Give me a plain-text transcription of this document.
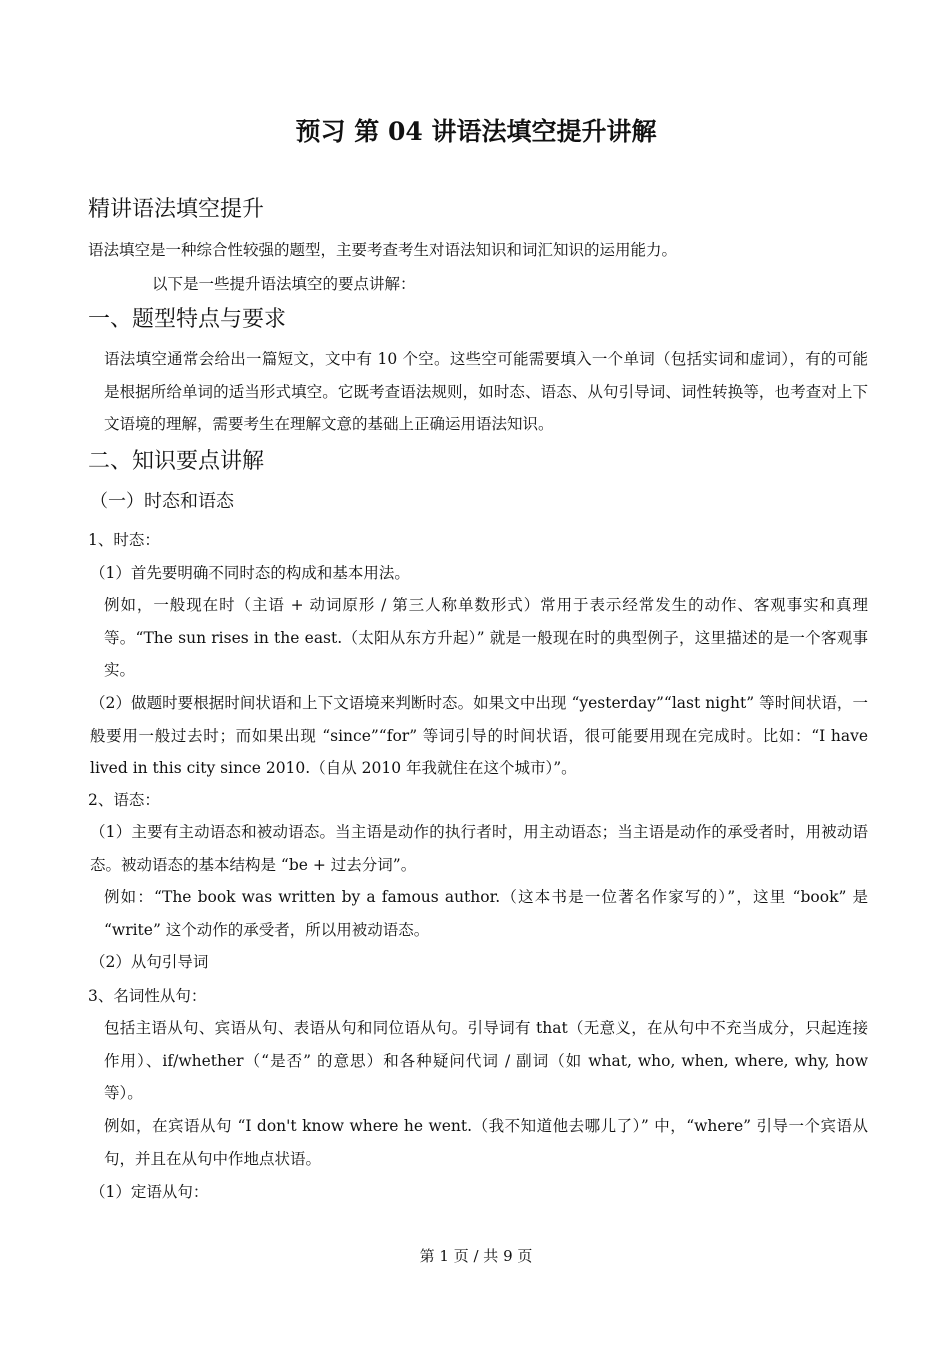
预习 第 04 讲语法填空提升讲解
精讲语法填空提升
语法填空是一种综合性较强的题型，主要考查考生对语法知识和词汇知识的运用能力。
以下是一些提升语法填空的要点讲解：
一、题型特点与要求
语法填空通常会给出一篇短文，文中有 10 个空。这些空可能需要填入一个单词（包括实词和虚词），有的可能是根据所给单词的适当形式填空。它既考查语法规则，如时态、语态、从句引导词、词性转换等，也考查对上下文语境的理解，需要考生在理解文意的基础上正确运用语法知识。
二、知识要点讲解
（一）时态和语态
1、时态：
（1）首先要明确不同时态的构成和基本用法。
例如，一般现在时（主语 + 动词原形 / 第三人称单数形式）常用于表示经常发生的动作、客观事实和真理等。“The sun rises in the east.（太阳从东方升起）” 就是一般现在时的典型例子，这里描述的是一个客观事实。
（2）做题时要根据时间状语和上下文语境来判断时态。如果文中出现 “yesterday”“last night” 等时间状语，一般要用一般过去时；而如果出现 “since”“for” 等词引导的时间状语，很可能要用现在完成时。比如：“I have lived in this city since 2010.（自从 2010 年我就住在这个城市）”。
2、语态：
（1）主要有主动语态和被动语态。当主语是动作的执行者时，用主动语态；当主语是动作的承受者时，用被动语态。被动语态的基本结构是 “be + 过去分词”。
例如：“The book was written by a famous author.（这本书是一位著名作家写的）”，这里 “book” 是 “write” 这个动作的承受者，所以用被动语态。
（2）从句引导词
3、名词性从句：
包括主语从句、宾语从句、表语从句和同位语从句。引导词有 that（无意义，在从句中不充当成分，只起连接作用）、if/whether（“是否” 的意思）和各种疑问代词 / 副词（如 what, who, when, where, why, how 等）。
例如，在宾语从句 “I don't know where he went.（我不知道他去哪儿了）” 中，“where” 引导一个宾语从句，并且在从句中作地点状语。
（1）定语从句：
第 1 页 / 共 9 页
